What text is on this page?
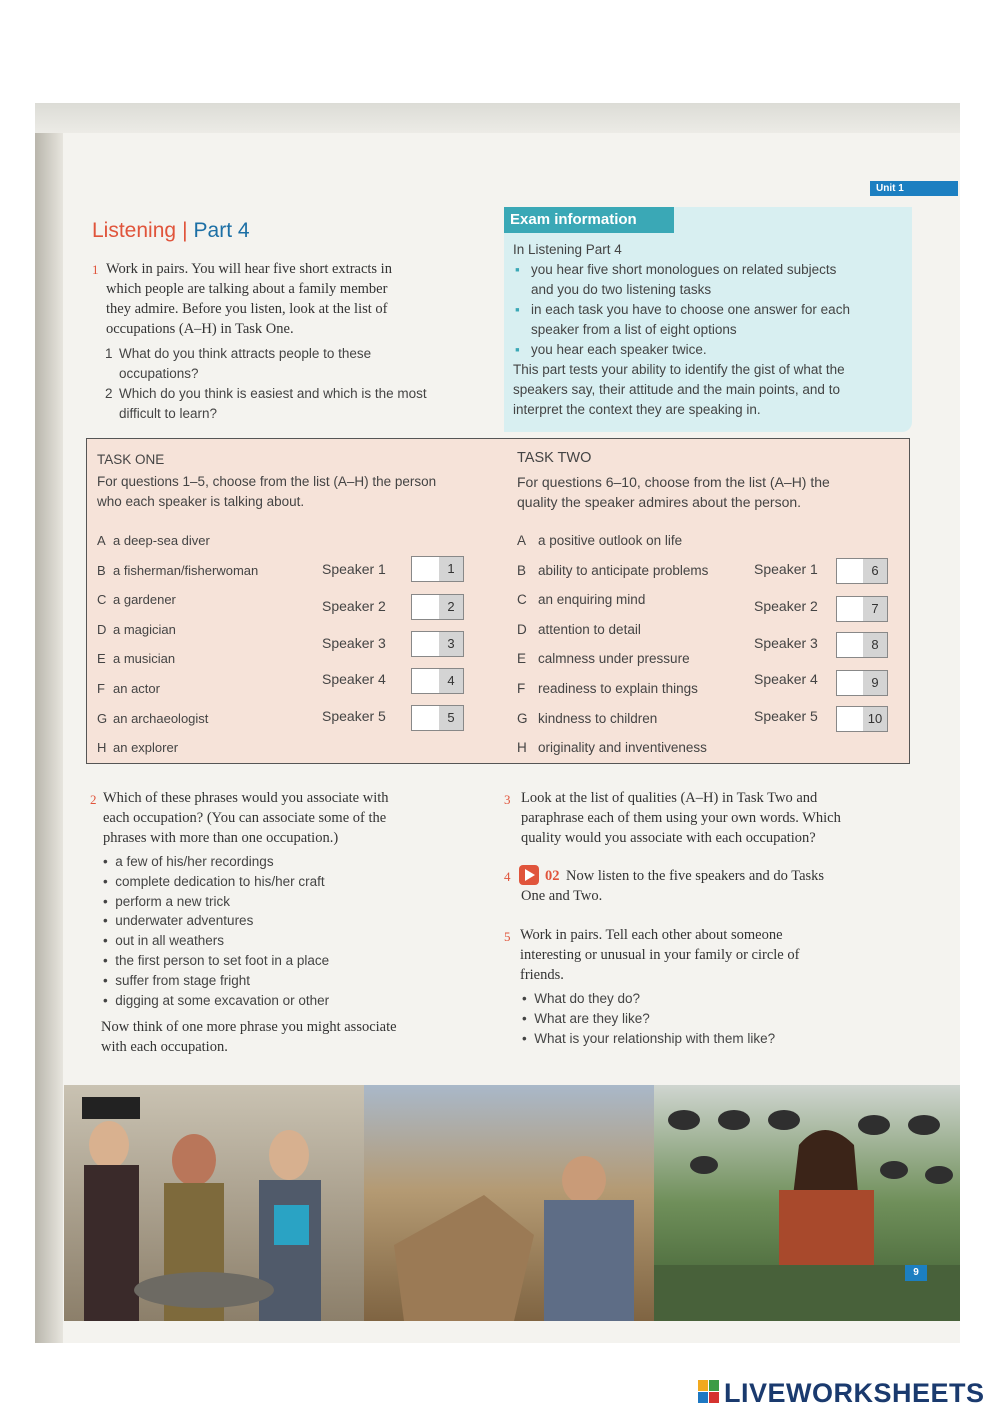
Unit 1
Listening | Part 4
1 Work in pairs. You will hear five short extracts in
which people are talking about a family member
they admire. Before you listen, look at the list of
occupations (A–H) in Task One.
1 What do you think attracts people to these
occupations?
2 Which do you think is easiest and which is the most
difficult to learn?
Exam information
In Listening Part 4
▪ you hear five short monologues on related subjects
and you do two listening tasks
▪ in each task you have to choose one answer for each
speaker from a list of eight options
▪ you hear each speaker twice.
This part tests your ability to identify the gist of what the
speakers say, their attitude and the main points, and to
interpret the context they are speaking in.
TASK ONE
For questions 1–5, choose from the list (A–H) the person
who each speaker is talking about.
A a deep-sea diver
B a fisherman/fisherwoman
C a gardener
D a magician
E a musician
F an actor
G an archaeologist
H an explorer
Speaker 1	1
Speaker 2	2
Speaker 3	3
Speaker 4	4
Speaker 5	5
TASK TWO
For questions 6–10, choose from the list (A–H) the
quality the speaker admires about the person.
A a positive outlook on life
B ability to anticipate problems
C an enquiring mind
D attention to detail
E calmness under pressure
F readiness to explain things
G kindness to children
H originality and inventiveness
Speaker 1	6
Speaker 2	7
Speaker 3	8
Speaker 4	9
Speaker 5	10
2 Which of these phrases would you associate with
each occupation? (You can associate some of the
phrases with more than one occupation.)
•  a few of his/her recordings
•  complete dedication to his/her craft
•  perform a new trick
•  underwater adventures
•  out in all weathers
•  the first person to set foot in a place
•  suffer from stage fright
•  digging at some excavation or other
Now think of one more phrase you might associate
with each occupation.
3 Look at the list of qualities (A–H) in Task Two and
paraphrase each of them using your own words. Which
quality would you associate with each occupation?
4 02 Now listen to the five speakers and do Tasks
One and Two.
5 Work in pairs. Tell each other about someone
interesting or unusual in your family or circle of
friends.
•  What do they do?
•  What are they like?
•  What is your relationship with them like?
9
LIVEWORKSHEETS
